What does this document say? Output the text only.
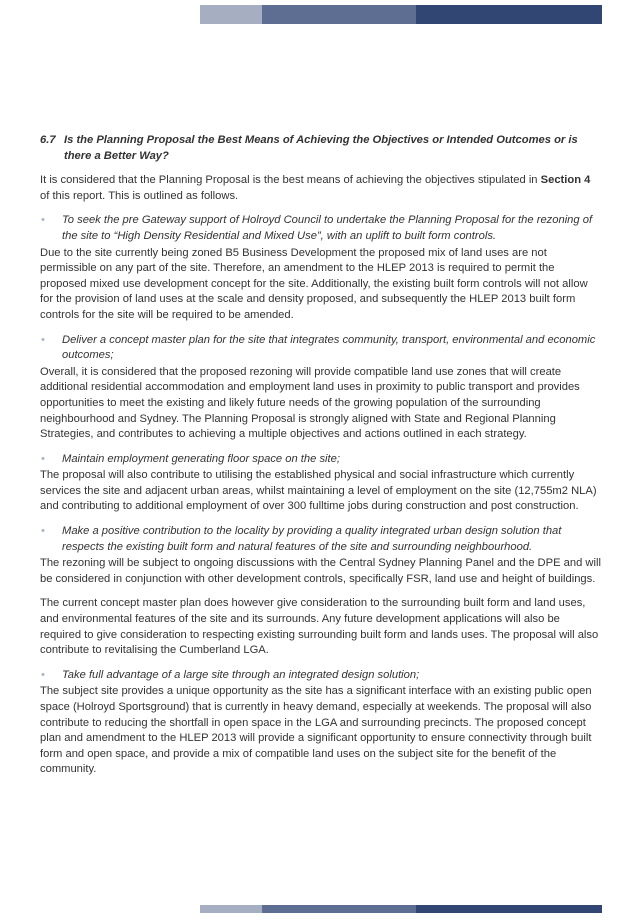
6.7 Is the Planning Proposal the Best Means of Achieving the Objectives or Intended Outcomes or is there a Better Way?

It is considered that the Planning Proposal is the best means of achieving the objectives stipulated in Section 4 of this report. This is outlined as follows.

•	To seek the pre Gateway support of Holroyd Council to undertake the Planning Proposal for the rezoning of the site to “High Density Residential and Mixed Use”, with an uplift to built form controls.

Due to the site currently being zoned B5 Business Development the proposed mix of land uses are not permissible on any part of the site. Therefore, an amendment to the HLEP 2013 is required to permit the proposed mixed use development concept for the site. Additionally, the existing built form controls will not allow for the provision of land uses at the scale and density proposed, and subsequently the HLEP 2013 built form controls for the site will be required to be amended.

•	Deliver a concept master plan for the site that integrates community, transport, environmental and economic outcomes;

Overall, it is considered that the proposed rezoning will provide compatible land use zones that will create additional residential accommodation and employment land uses in proximity to public transport and provides opportunities to meet the existing and likely future needs of the growing population of the surrounding neighbourhood and Sydney. The Planning Proposal is strongly aligned with State and Regional Planning Strategies, and contributes to achieving a multiple objectives and actions outlined in each strategy.

•	Maintain employment generating floor space on the site;

The proposal will also contribute to utilising the established physical and social infrastructure which currently services the site and adjacent urban areas, whilst maintaining a level of employment on the site (12,755m2 NLA) and contributing to additional employment of over 300 fulltime jobs during construction and post construction.

•	Make a positive contribution to the locality by providing a quality integrated urban design solution that respects the existing built form and natural features of the site and surrounding neighbourhood.

The rezoning will be subject to ongoing discussions with the Central Sydney Planning Panel and the DPE and will be considered in conjunction with other development controls, specifically FSR, land use and height of buildings.

The current concept master plan does however give consideration to the surrounding built form and land uses, and environmental features of the site and its surrounds. Any future development applications will also be required to give consideration to respecting existing surrounding built form and lands uses. The proposal will also contribute to revitalising the Cumberland LGA.

•	Take full advantage of a large site through an integrated design solution;

The subject site provides a unique opportunity as the site has a significant interface with an existing public open space (Holroyd Sportsground) that is currently in heavy demand, especially at weekends. The proposal will also contribute to reducing the shortfall in open space in the LGA and surrounding precincts. The proposed concept plan and amendment to the HLEP 2013 will provide a significant opportunity to ensure connectivity through built form and open space, and provide a mix of compatible land uses on the subject site for the benefit of the community.
